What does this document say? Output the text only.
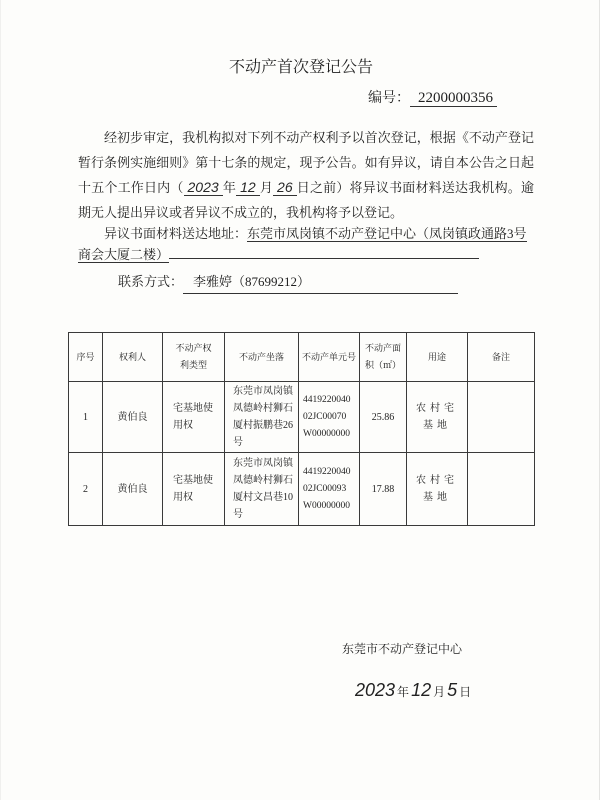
不动产首次登记公告
编号： 2200000356

经初步审定，我机构拟对下列不动产权利予以首次登记，根据《不动产登记暂行条例实施细则》第十七条的规定，现予公告。如有异议，请自本公告之日起十五个工作日内（ 2023 年 12 月 26 日之前）将异议书面材料送达我机构。逾期无人提出异议或者异议不成立的，我机构将予以登记。

异议书面材料送达地址：东莞市凤岗镇不动产登记中心（凤岗镇政通路3号商会大厦二楼）

联系方式： 李雅婷（87699212）
序号	权利人	不动产权利类型	不动产坐落	不动产单元号	不动产面积（㎡）	用途	备注
1	黄伯良	宅基地使用权	东莞市凤岗镇凤德岭村狮石厦村振鹏巷26号	441922004002JC00070W00000000	25.86	农村宅基地	
2	黄伯良	宅基地使用权	东莞市凤岗镇凤德岭村狮石厦村文昌巷10号	441922004002JC00093W00000000	17.88	农村宅基地	
东莞市不动产登记中心
2023 年 12 月 5 日
